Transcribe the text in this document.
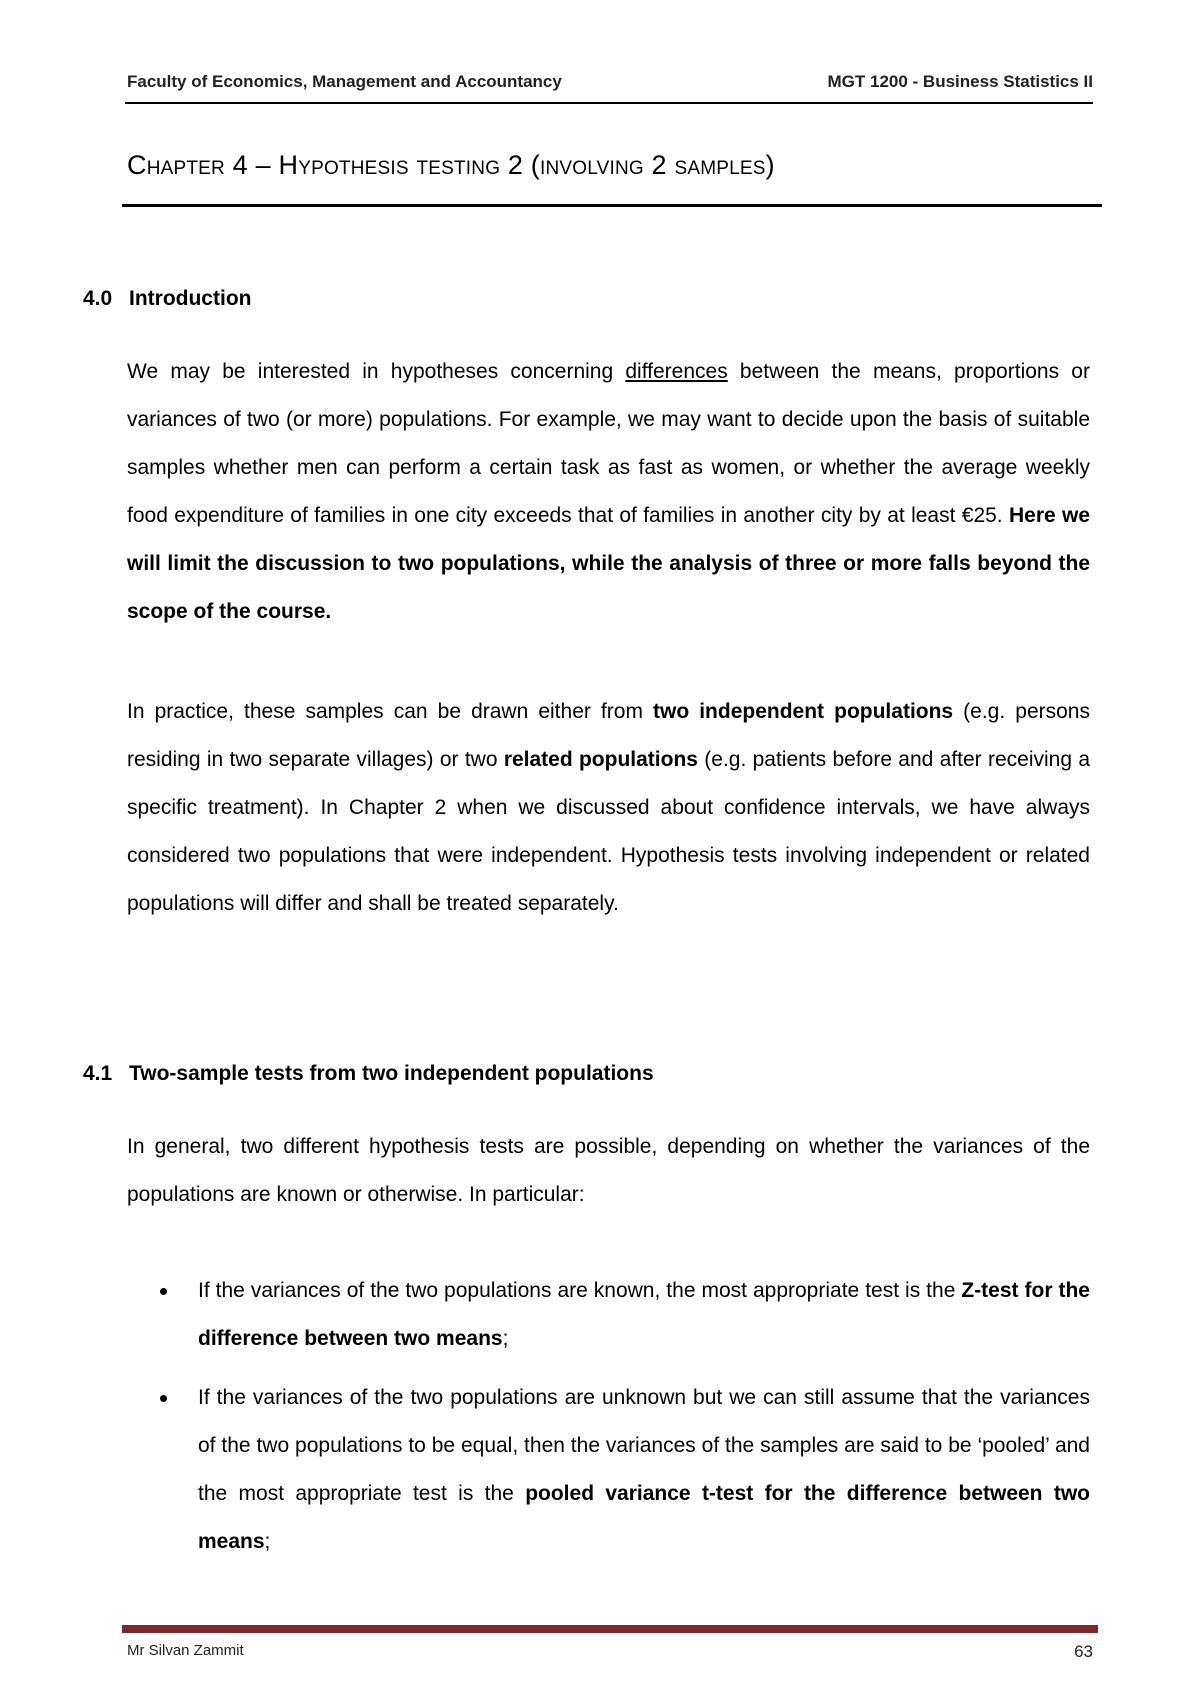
Faculty of Economics, Management and Accountancy	MGT 1200 - Business Statistics II
Chapter 4 – Hypothesis testing 2 (involving 2 samples)
4.0 Introduction
We may be interested in hypotheses concerning differences between the means, proportions or variances of two (or more) populations. For example, we may want to decide upon the basis of suitable samples whether men can perform a certain task as fast as women, or whether the average weekly food expenditure of families in one city exceeds that of families in another city by at least €25. Here we will limit the discussion to two populations, while the analysis of three or more falls beyond the scope of the course.
In practice, these samples can be drawn either from two independent populations (e.g. persons residing in two separate villages) or two related populations (e.g. patients before and after receiving a specific treatment). In Chapter 2 when we discussed about confidence intervals, we have always considered two populations that were independent. Hypothesis tests involving independent or related populations will differ and shall be treated separately.
4.1 Two-sample tests from two independent populations
In general, two different hypothesis tests are possible, depending on whether the variances of the populations are known or otherwise. In particular:
If the variances of the two populations are known, the most appropriate test is the Z-test for the difference between two means;
If the variances of the two populations are unknown but we can still assume that the variances of the two populations to be equal, then the variances of the samples are said to be ‘pooled’ and the most appropriate test is the pooled variance t-test for the difference between two means;
Mr Silvan Zammit	63
